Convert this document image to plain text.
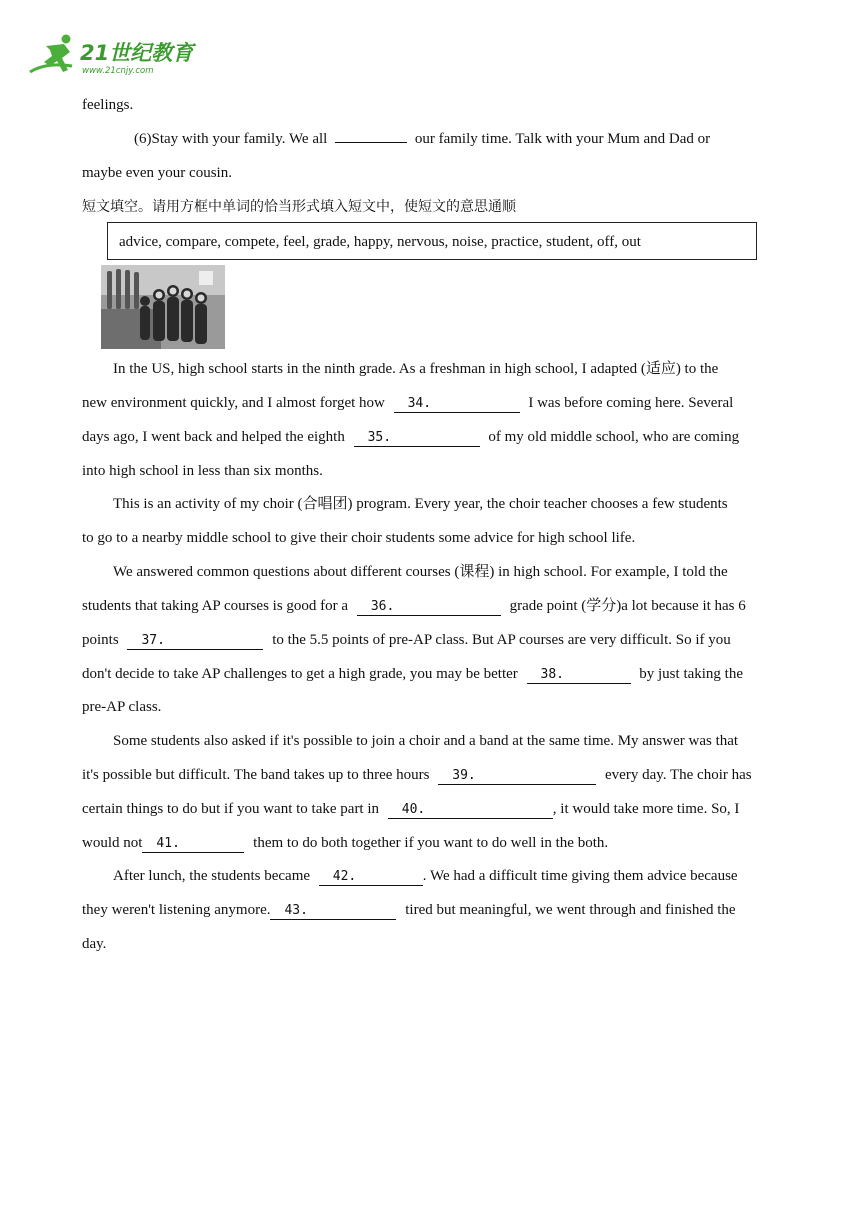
21世纪教育
www.21cnjy.com
feelings.
(6)Stay with your family. We all	our family time. Talk with your Mum and Dad or
maybe even your cousin.
短文填空。请用方框中单词的恰当形式填入短文中，使短文的意思通顺
advice, compare, compete, feel, grade, happy, nervous, noise, practice, student, off, out
In the US, high school starts in the ninth grade. As a freshman in high school, I adapted (适应) to the
new environment quickly, and I almost forget how 34.	I was before coming here. Several
days ago, I went back and helped the eighth 35.	of my old middle school, who are coming
into high school in less than six months.
This is an activity of my choir (合唱团) program. Every year, the choir teacher chooses a few students
to go to a nearby middle school to give their choir students some advice for high school life.
We answered common questions about different courses (课程) in high school. For example, I told the
students that taking AP courses is good for a 36.	grade point (学分)a lot because it has 6
points 37.	to the 5.5 points of pre-AP class. But AP courses are very difficult. So if you
don't decide to take AP challenges to get a high grade, you may be better 38.	by just taking the
pre-AP class.
Some students also asked if it's possible to join a choir and a band at the same time. My answer was that
it's possible but difficult. The band takes up to three hours 39.	every day. The choir has
certain things to do but if you want to take part in 40.	, it would take more time. So, I
would not 41.	them to do both together if you want to do well in the both.
After lunch, the students became 42.	. We had a difficult time giving them advice because
they weren't listening anymore. 43.	tired but meaningful, we went through and finished the
day.
